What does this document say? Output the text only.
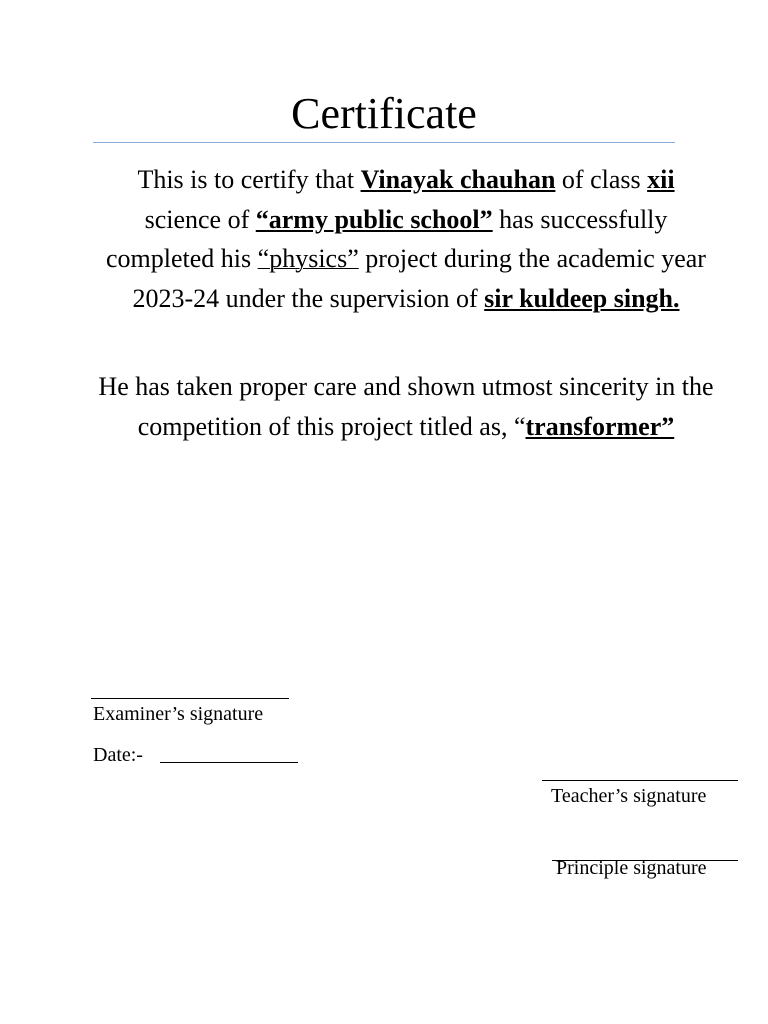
Certificate

This is to certify that Vinayak chauhan of class xii science of “army public school” has successfully completed his “physics” project during the academic year 2023-24 under the supervision of sir kuldeep singh.

He has taken proper care and shown utmost sincerity in the competition of this project titled as, “transformer”

Examiner’s signature
Date:-
Teacher’s signature
Principle signature
